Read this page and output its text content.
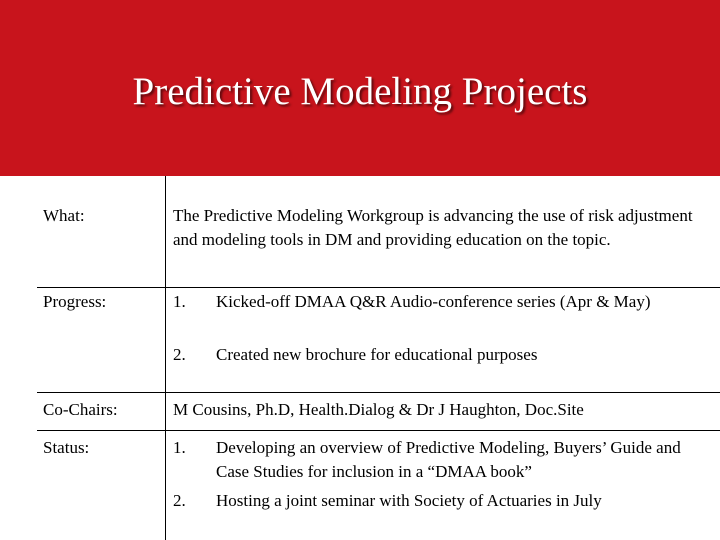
Predictive Modeling Projects
What:	The Predictive Modeling Workgroup is advancing the use of risk adjustment and modeling tools in DM and providing education on the topic.
Progress:	1. Kicked-off DMAA Q&R Audio-conference series (Apr & May)
2. Created new brochure for educational purposes
Co-Chairs:	M Cousins, Ph.D, Health.Dialog & Dr J Haughton, Doc.Site
Status:	1. Developing an overview of Predictive Modeling, Buyers’ Guide and Case Studies for inclusion in a “DMAA book”
2. Hosting a joint seminar with Society of Actuaries in July
